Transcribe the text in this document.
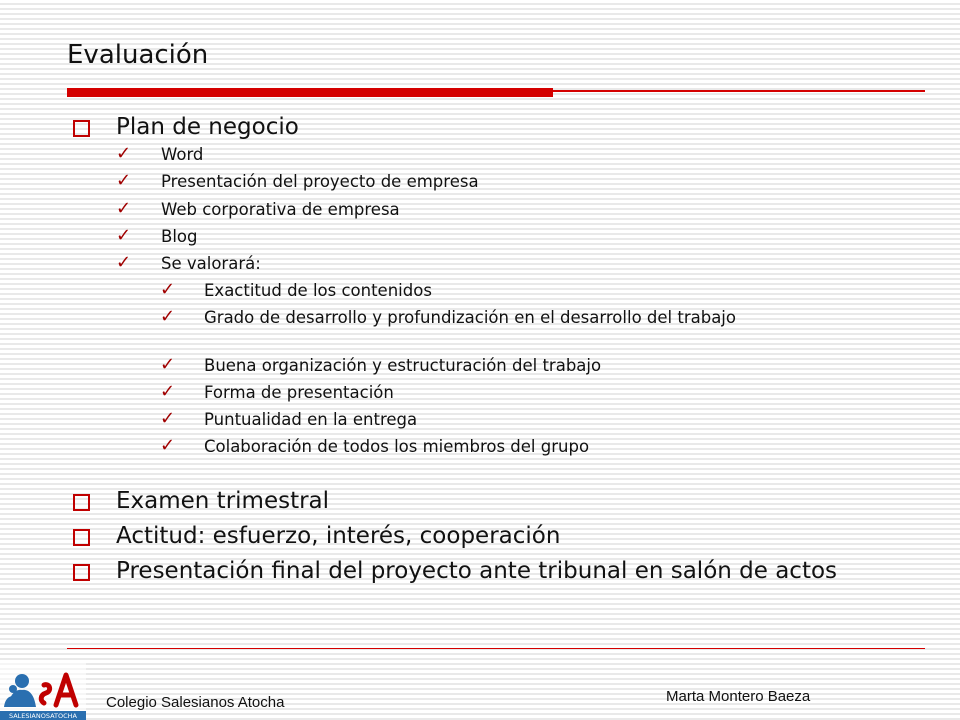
Evaluación
Plan de negocio
✓ Word
✓ Presentación del proyecto de empresa
✓ Web corporativa de empresa
✓ Blog
✓ Se valorará:
✓ Exactitud de los contenidos
✓ Grado de desarrollo y profundización en el desarrollo del trabajo
✓ Buena organización y estructuración del trabajo
✓ Forma de presentación
✓ Puntualidad en la entrega
✓ Colaboración de todos los miembros del grupo
Examen trimestral
Actitud: esfuerzo, interés, cooperación
Presentación final del proyecto ante tribunal en salón de actos
SALESIANOSATOCHA
Colegio Salesianos Atocha	Marta Montero Baeza
